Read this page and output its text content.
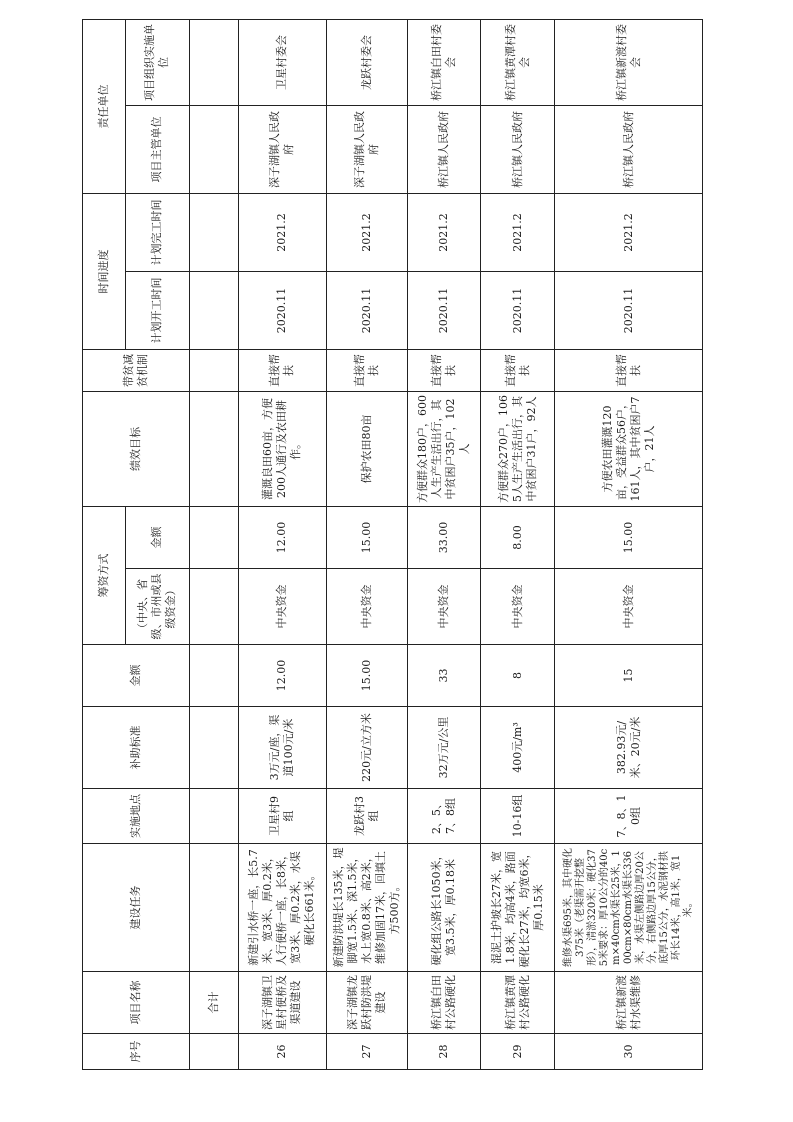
序号	项目名称	建设任务	实施地点	补助标准	金额	筹资方式		绩效目标	带贫减贫机制	时间进度		责任单位	
						（中央、省级、市州或县级资金）	金额			计划开工时间	计划完工时间	项目主管单位	项目组织实施单位
	合计												
26	深子湖镇卫星村便桥及渠道建设	新建引水桥一座，长5.7米、宽3米、厚0.2米，人行便桥一座，长8米，宽3米、厚0.2米，水渠硬化长661米。	卫星村9组	3万元/座，渠道100元/米	12.00	中央资金	12.00	灌溉良田60亩，方便200人通行及农田耕作。	直接帮扶	2020.11	2021.2	深子湖镇人民政府	卫星村委会
27	深子湖镇龙跃村防洪堤建设	新建防洪堤长135米，堤脚宽1.5米、深1.5米，水上宽0.8米、高2米，维修加固17米，回填土方500方。	龙跃村3组	220元/立方米	15.00	中央资金	15.00	保护农田80亩	直接帮扶	2020.11	2021.2	深子湖镇人民政府	龙跃村委会
28	桥江镇白田村公路硬化	硬化组公路长1050米，宽3.5米，厚0.18米	2、5、7、8组	32万元/公里	33	中央资金	33.00	方便群众180户，600人生产生活出行，其中贫困户35户，102人	直接帮扶	2020.11	2021.2	桥江镇人民政府	桥江镇白田村委会
29	桥江镇黄潭村公路硬化	混泥土护坡长27米，宽1.8米，均高4米，路面硬化长27米，均宽6米，厚0.15米	10-16组	400元/m³	8	中央资金	8.00	方便群众270户，1065人生产生活出行，其中贫困户31户，92人	直接帮扶	2020.11	2021.2	桥江镇人民政府	桥江镇黄潭村委会
30	桥江镇新渡村水渠维修	维修水渠695米，其中硬化375米（老渠需开挖整形），清淤320米；硬化375米要求：厚10公分的40cm×40cm水渠长25米，100cm×80cm水渠长336米，水渠左侧路边厚20公分，右侧路边厚15公分，底厚15公分，水泥钢材拱环长14米，高1米，宽1米。	7、8、10组	382.93元/米、20元/米	15	中央资金	15.00	方便农田灌溉120亩，受益群众56户，161人，其中贫困户7户，21人	直接帮扶	2020.11	2021.2	桥江镇人民政府	桥江镇新渡村委会
